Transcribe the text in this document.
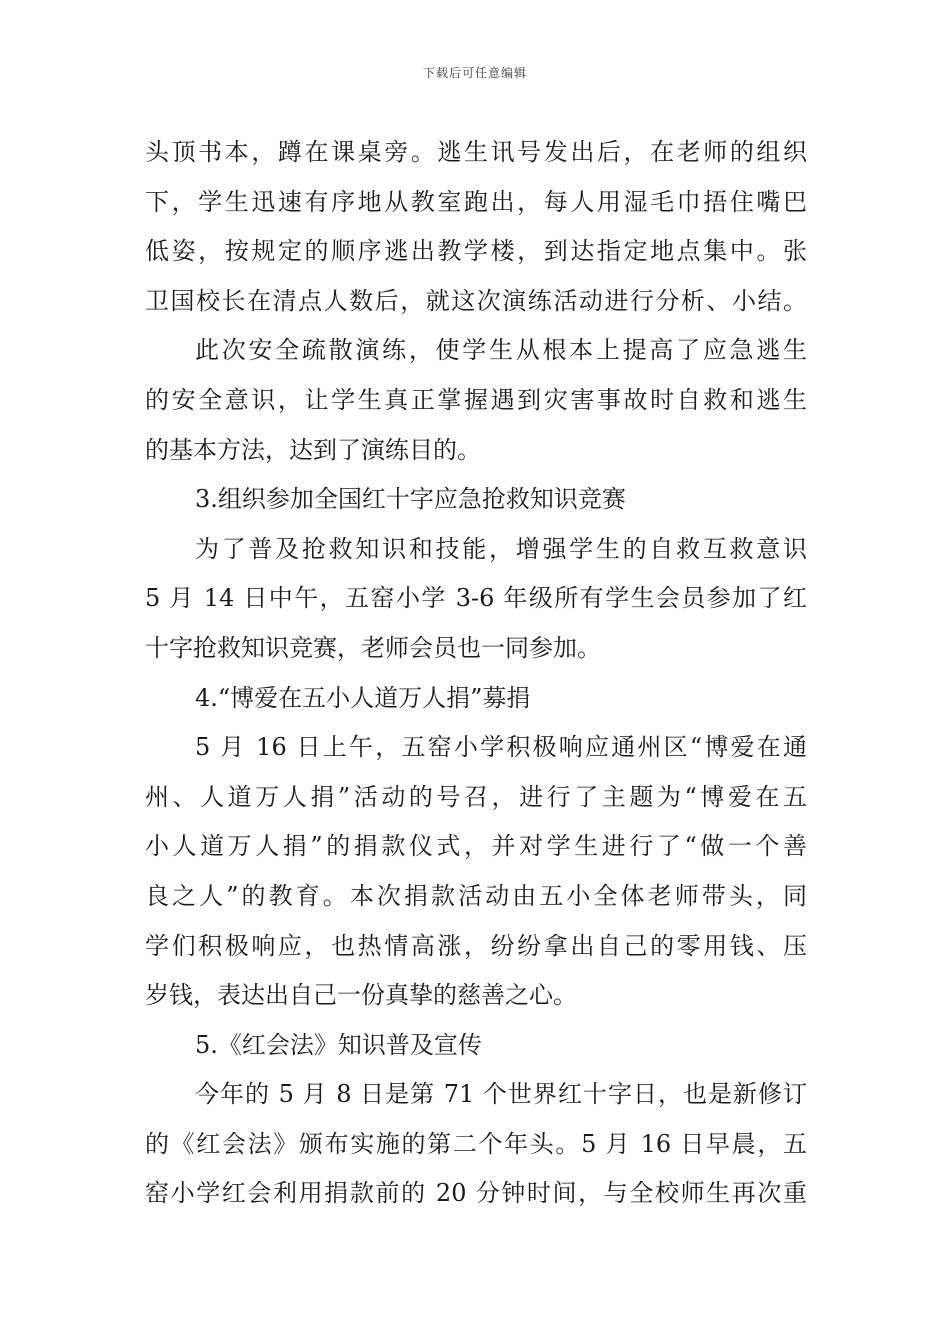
下载后可任意编辑
头顶书本，蹲在课桌旁。逃生讯号发出后，在老师的组织
下，学生迅速有序地从教室跑出，每人用湿毛巾捂住嘴巴
低姿，按规定的顺序逃出教学楼，到达指定地点集中。张
卫国校长在清点人数后，就这次演练活动进行分析、小结。
此次安全疏散演练，使学生从根本上提高了应急逃生
的安全意识，让学生真正掌握遇到灾害事故时自救和逃生
的基本方法，达到了演练目的。
3.组织参加全国红十字应急抢救知识竞赛
为了普及抢救知识和技能，增强学生的自救互救意识
5 月 14 日中午，五窑小学 3-6 年级所有学生会员参加了红
十字抢救知识竞赛，老师会员也一同参加。
4.“博爱在五小人道万人捐”募捐
5 月 16 日上午，五窑小学积极响应通州区“博爱在通
州、人道万人捐”活动的号召，进行了主题为“博爱在五
小人道万人捐”的捐款仪式，并对学生进行了“做一个善
良之人”的教育。本次捐款活动由五小全体老师带头，同
学们积极响应，也热情高涨，纷纷拿出自己的零用钱、压
岁钱，表达出自己一份真挚的慈善之心。
5.《红会法》知识普及宣传
今年的 5 月 8 日是第 71 个世界红十字日，也是新修订
的《红会法》颁布实施的第二个年头。5 月 16 日早晨，五
窑小学红会利用捐款前的 20 分钟时间，与全校师生再次重
